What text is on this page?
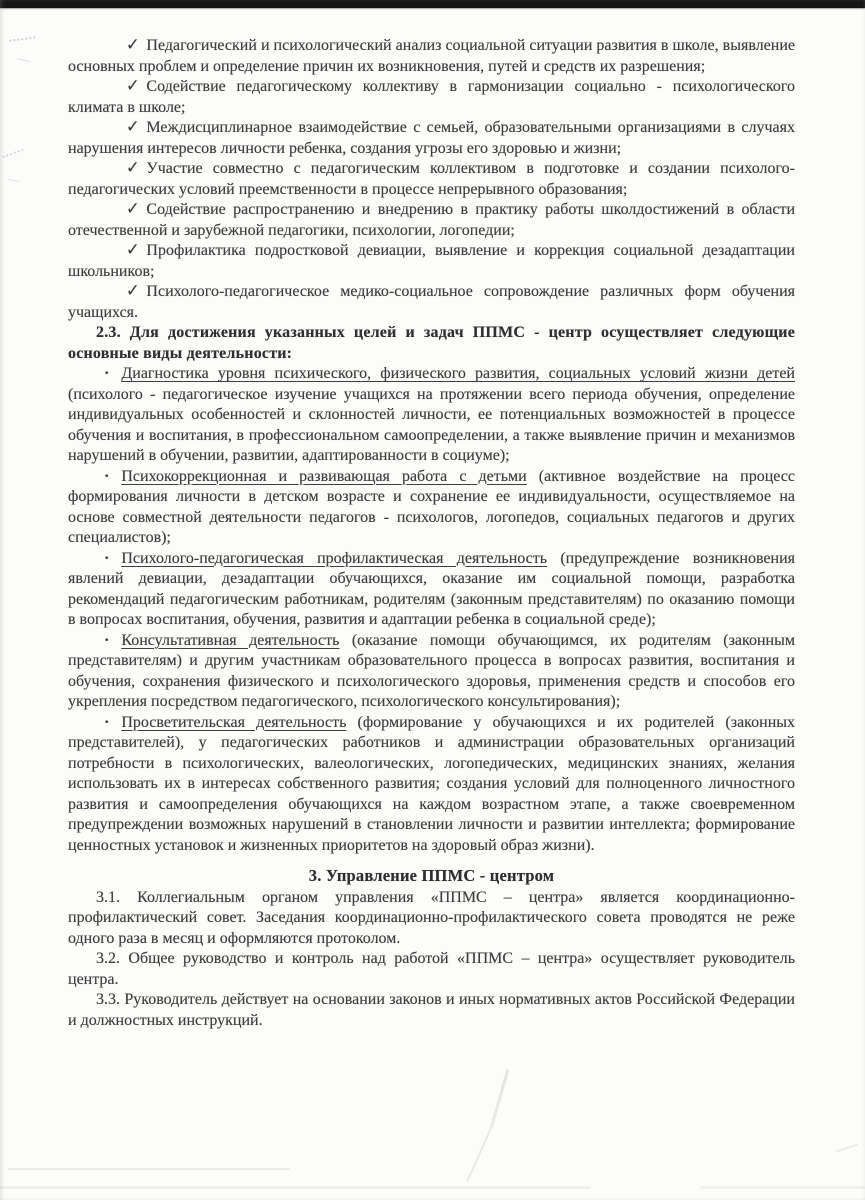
✓ Педагогический и психологический анализ социальной ситуации развития в школе, выявление основных проблем и определение причин их возникновения, путей и средств их разрешения;

✓ Содействие педагогическому коллективу в гармонизации социально - психологического климата в школе;

✓ Междисциплинарное взаимодействие с семьей, образовательными организациями в случаях нарушения интересов личности ребенка, создания угрозы его здоровью и жизни;

✓ Участие совместно с педагогическим коллективом в подготовке и создании психолого-педагогических условий преемственности в процессе непрерывного образования;

✓ Содействие распространению и внедрению в практику работы школдостижений в области отечественной и зарубежной педагогики, психологии, логопедии;

✓ Профилактика подростковой девиации, выявление и коррекция социальной дезадаптации школьников;

✓ Психолого-педагогическое медико-социальное сопровождение различных форм обучения учащихся.

2.3. Для достижения указанных целей и задач ППМС - центр осуществляет следующие основные виды деятельности:

· Диагностика уровня психического, физического развития, социальных условий жизни детей (психолого - педагогическое изучение учащихся на протяжении всего периода обучения, определение индивидуальных особенностей и склонностей личности, ее потенциальных возможностей в процессе обучения и воспитания, в профессиональном самоопределении, а также выявление причин и механизмов нарушений в обучении, развитии, адаптированности в социуме);

· Психокоррекционная и развивающая работа с детьми (активное воздействие на процесс формирования личности в детском возрасте и сохранение ее индивидуальности, осуществляемое на основе совместной деятельности педагогов - психологов, логопедов, социальных педагогов и других специалистов);

· Психолого-педагогическая профилактическая деятельность (предупреждение возникновения явлений девиации, дезадаптации обучающихся, оказание им социальной помощи, разработка рекомендаций педагогическим работникам, родителям (законным представителям) по оказанию помощи в вопросах воспитания, обучения, развития и адаптации ребенка в социальной среде);

· Консультативная деятельность (оказание помощи обучающимся, их родителям (законным представителям) и другим участникам образовательного процесса в вопросах развития, воспитания и обучения, сохранения физического и психологического здоровья, применения средств и способов его укрепления посредством педагогического, психологического консультирования);

· Просветительская деятельность (формирование у обучающихся и их родителей (законных представителей), у педагогических работников и администрации образовательных организаций потребности в психологических, валеологических, логопедических, медицинских знаниях, желания использовать их в интересах собственного развития; создания условий для полноценного личностного развития и самоопределения обучающихся на каждом возрастном этапе, а также своевременном предупреждении возможных нарушений в становлении личности и развитии интеллекта; формирование ценностных установок и жизненных приоритетов на здоровый образ жизни).

3. Управление ППМС - центром

3.1. Коллегиальным органом управления «ППМС – центра» является координационно-профилактический совет. Заседания координационно-профилактического совета проводятся не реже одного раза в месяц и оформляются протоколом.

3.2. Общее руководство и контроль над работой «ППМС – центра» осуществляет руководитель центра.

3.3. Руководитель действует на основании законов и иных нормативных актов Российской Федерации и должностных инструкций.
